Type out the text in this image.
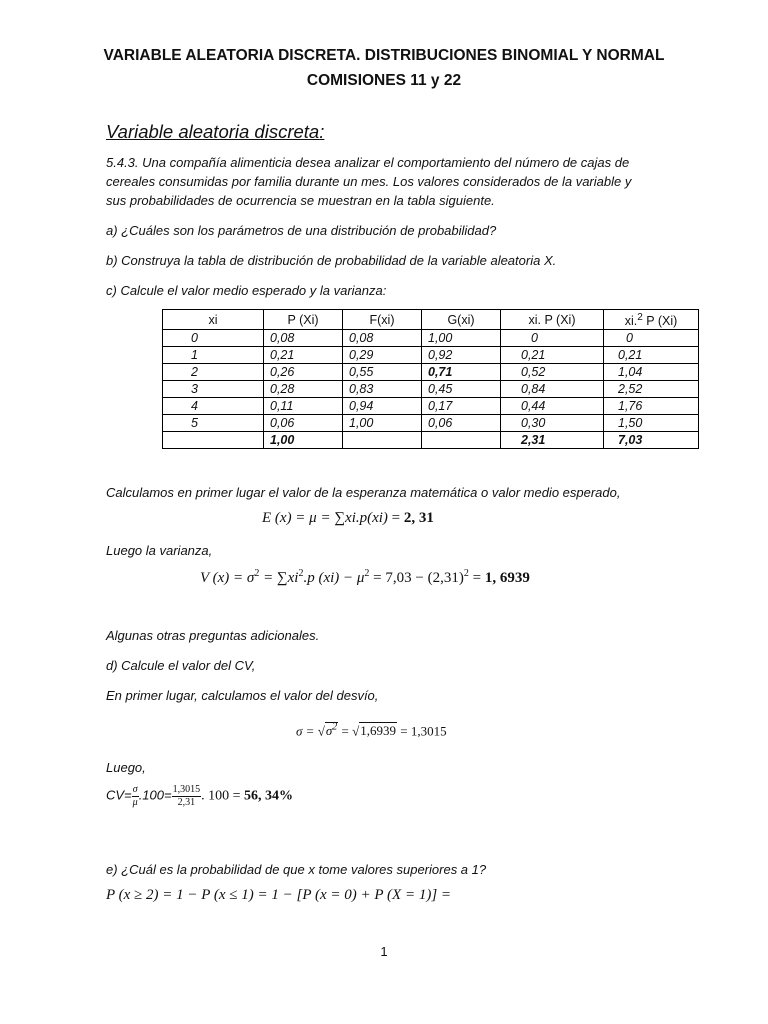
VARIABLE ALEATORIA DISCRETA. DISTRIBUCIONES BINOMIAL Y NORMAL
COMISIONES 11 y 22
Variable aleatoria discreta:
5.4.3. Una compañía alimenticia desea analizar el comportamiento del número de cajas de cereales consumidas por familia durante un mes. Los valores considerados de la variable y sus probabilidades de ocurrencia se muestran en la tabla siguiente.
a) ¿Cuáles son los parámetros de una distribución de probabilidad?
b) Construya la tabla de distribución de probabilidad de la variable aleatoria X.
c) Calcule el valor medio esperado y la varianza:
xi	P (Xi)	F(xi)	G(xi)	xi. P (Xi)	xi.$^2$ P (Xi)
0	0,08	0,08	1,00	0	0
1	0,21	0,29	0,92	0,21	0,21
2	0,26	0,55	0,71	0,52	1,04
3	0,28	0,83	0,45	0,84	2,52
4	0,11	0,94	0,17	0,44	1,76
5	0,06	1,00	0,06	0,30	1,50
	1,00			2,31	7,03
Calculamos en primer lugar el valor de la esperanza matemática o valor medio esperado,
E (x) = μ = ∑xi.p(xi) = 2, 31
Luego la varianza,
V $(x) = \sigma^2 = \sum xi^2.p$ $(xi) - \mu^2 = 7,03 - (2,31)^2 = 1$, 6939
Algunas otras preguntas adicionales.
d) Calcule el valor del CV,
En primer lugar, calculamos el valor del desvío,
$\sigma = √\sigma^2 = √1,6939 = 1,3015$
Luego,
$CV= \frac{\sigma}{\mu} .100= \frac{1,3015}{2,31}$ . 100 = 56, 34%
e) ¿Cuál es la probabilidad de que x tome valores superiores a 1?
P (x ≥ 2) = 1 − P (x ≤ 1) = 1 − [P (x = 0) + P (X = 1)] =
1
